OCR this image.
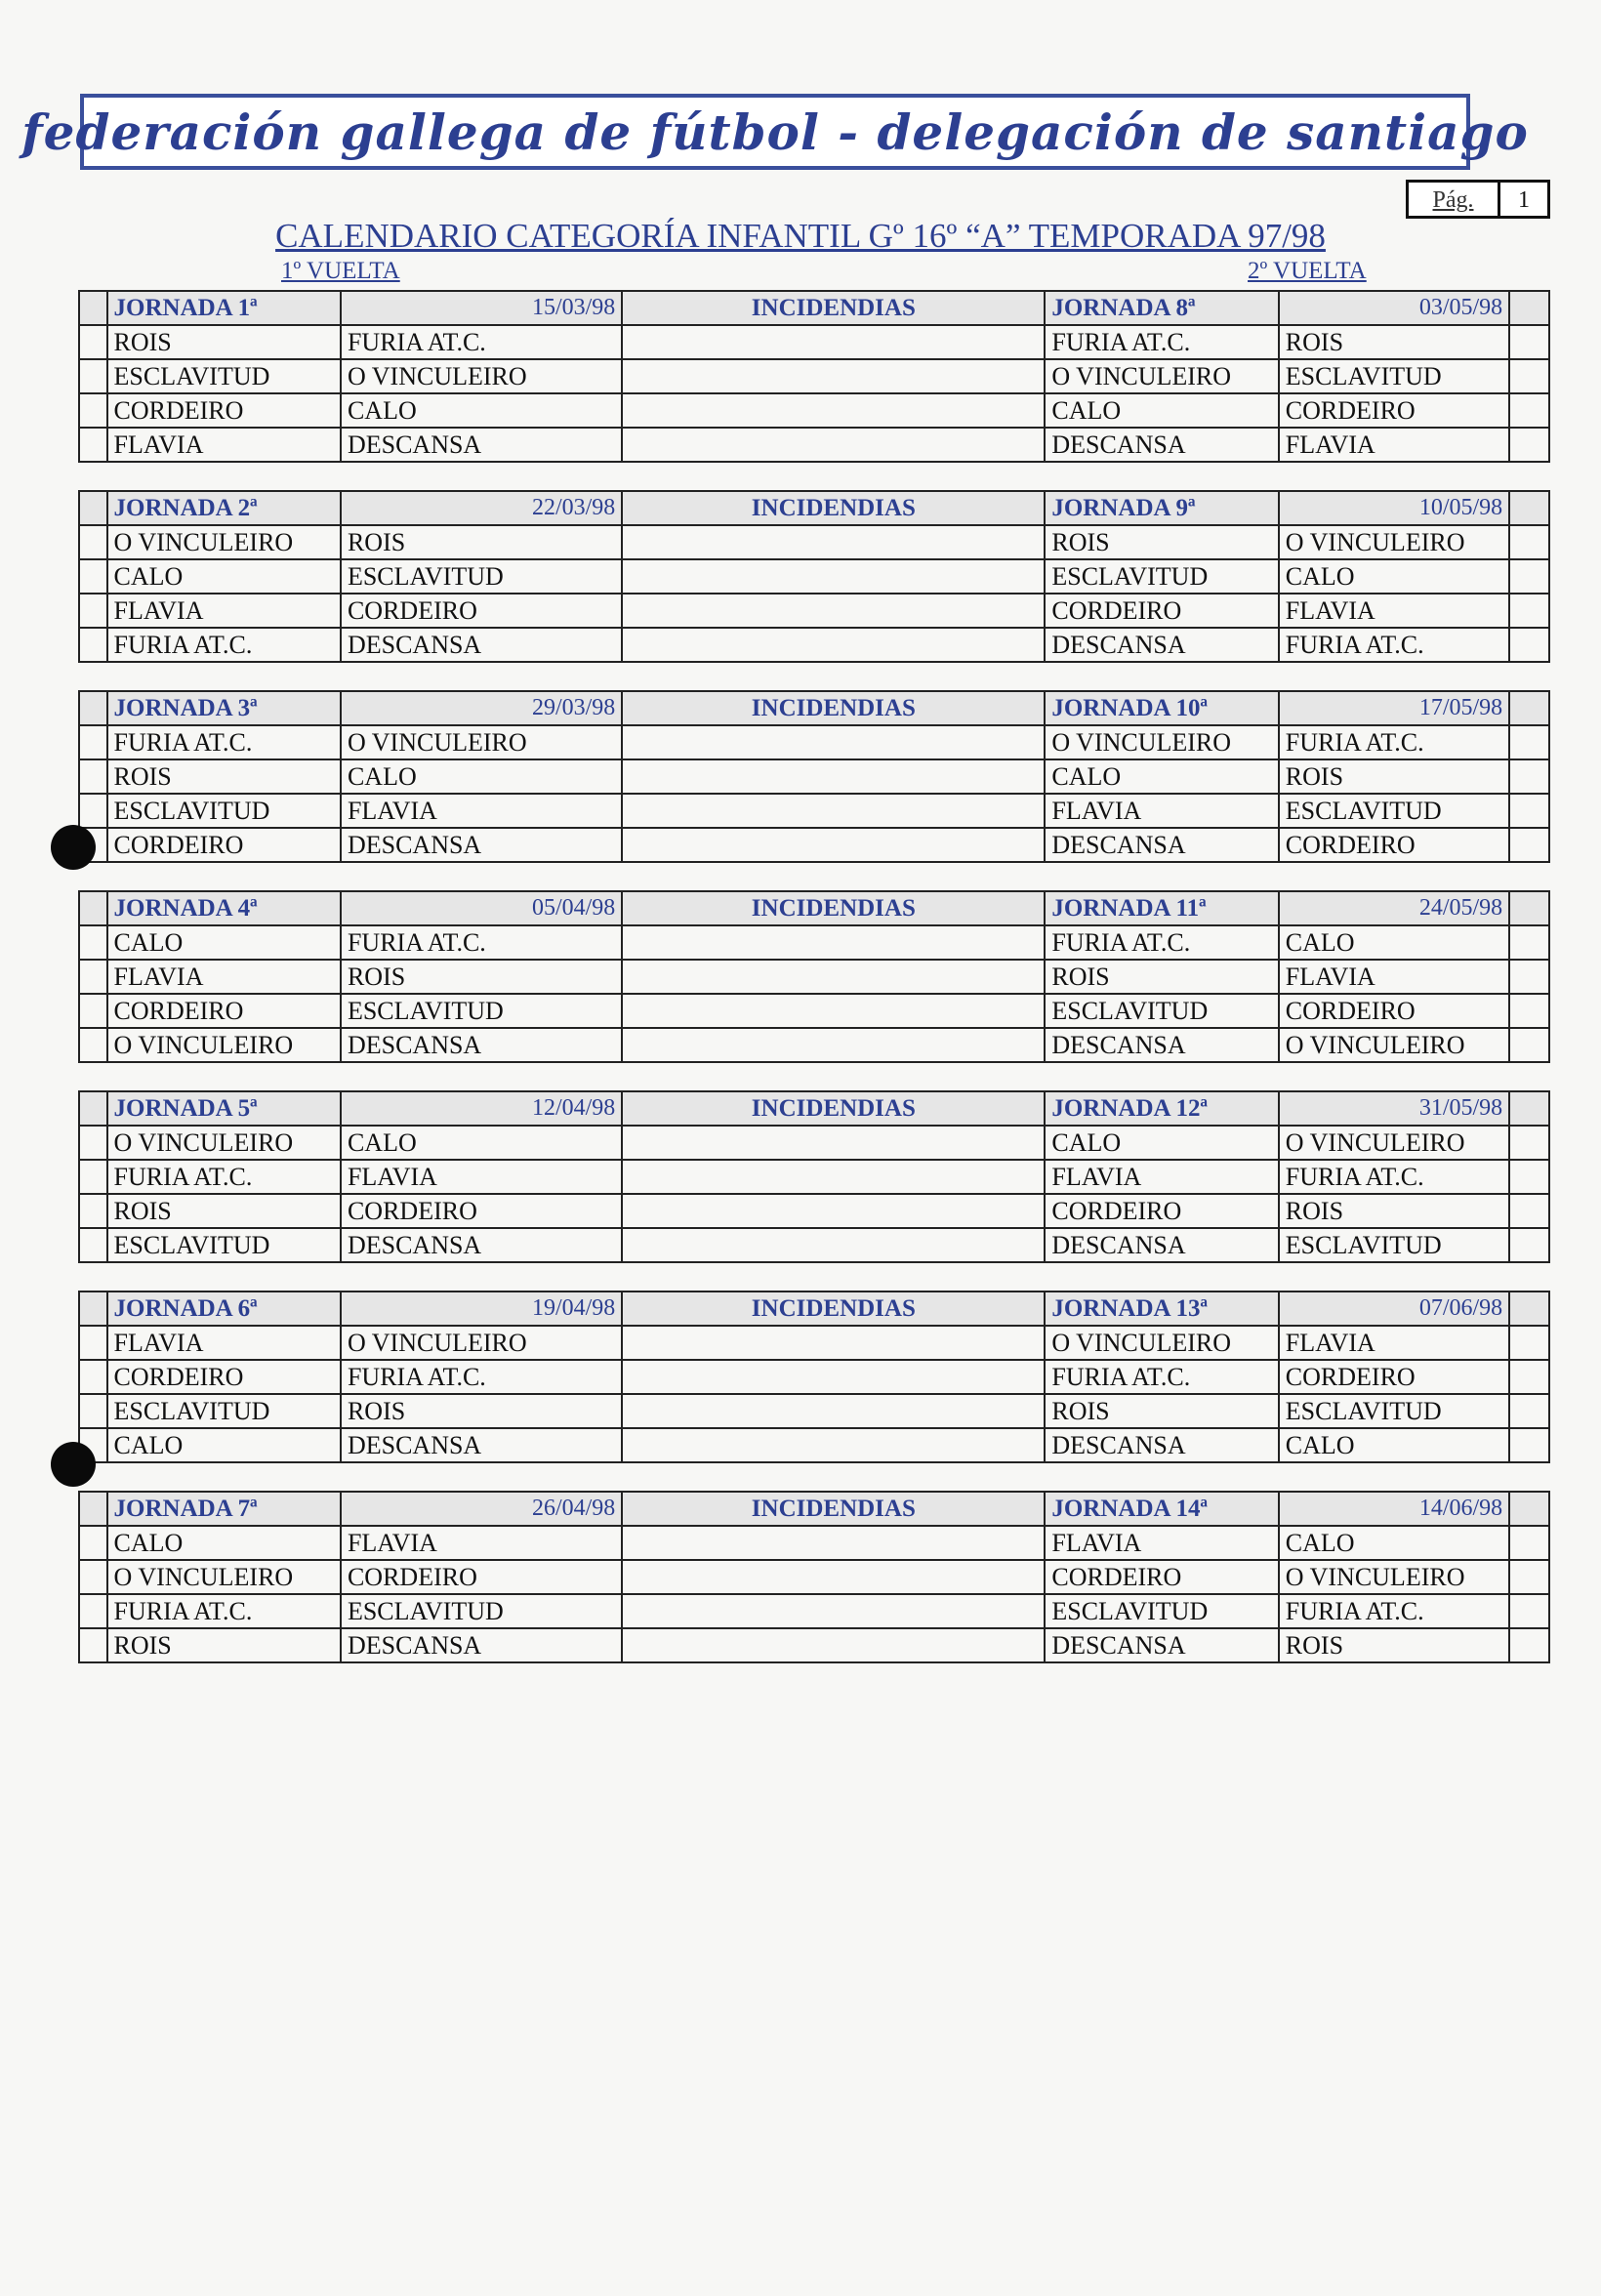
federación gallega de fútbol - delegación de santiago
Pág.	1
CALENDARIO CATEGORÍA INFANTIL Gº 16º “A” TEMPORADA 97/98
1º VUELTA	2º VUELTA
	JORNADA 1ª	15/03/98	INCIDENDIAS	JORNADA 8ª	03/05/98	
	ROIS	FURIA AT.C.		FURIA AT.C.	ROIS	
	ESCLAVITUD	O VINCULEIRO		O VINCULEIRO	ESCLAVITUD	
	CORDEIRO	CALO		CALO	CORDEIRO	
	FLAVIA	DESCANSA		DESCANSA	FLAVIA	
	JORNADA 2ª	22/03/98	INCIDENDIAS	JORNADA 9ª	10/05/98	
	O VINCULEIRO	ROIS		ROIS	O VINCULEIRO	
	CALO	ESCLAVITUD		ESCLAVITUD	CALO	
	FLAVIA	CORDEIRO		CORDEIRO	FLAVIA	
	FURIA AT.C.	DESCANSA		DESCANSA	FURIA AT.C.	
	JORNADA 3ª	29/03/98	INCIDENDIAS	JORNADA 10ª	17/05/98	
	FURIA AT.C.	O VINCULEIRO		O VINCULEIRO	FURIA AT.C.	
	ROIS	CALO		CALO	ROIS	
	ESCLAVITUD	FLAVIA		FLAVIA	ESCLAVITUD	
	CORDEIRO	DESCANSA		DESCANSA	CORDEIRO	
	JORNADA 4ª	05/04/98	INCIDENDIAS	JORNADA 11ª	24/05/98	
	CALO	FURIA AT.C.		FURIA AT.C.	CALO	
	FLAVIA	ROIS		ROIS	FLAVIA	
	CORDEIRO	ESCLAVITUD		ESCLAVITUD	CORDEIRO	
	O VINCULEIRO	DESCANSA		DESCANSA	O VINCULEIRO	
	JORNADA 5ª	12/04/98	INCIDENDIAS	JORNADA 12ª	31/05/98	
	O VINCULEIRO	CALO		CALO	O VINCULEIRO	
	FURIA AT.C.	FLAVIA		FLAVIA	FURIA AT.C.	
	ROIS	CORDEIRO		CORDEIRO	ROIS	
	ESCLAVITUD	DESCANSA		DESCANSA	ESCLAVITUD	
	JORNADA 6ª	19/04/98	INCIDENDIAS	JORNADA 13ª	07/06/98	
	FLAVIA	O VINCULEIRO		O VINCULEIRO	FLAVIA	
	CORDEIRO	FURIA AT.C.		FURIA AT.C.	CORDEIRO	
	ESCLAVITUD	ROIS		ROIS	ESCLAVITUD	
	CALO	DESCANSA		DESCANSA	CALO	
	JORNADA 7ª	26/04/98	INCIDENDIAS	JORNADA 14ª	14/06/98	
	CALO	FLAVIA		FLAVIA	CALO	
	O VINCULEIRO	CORDEIRO		CORDEIRO	O VINCULEIRO	
	FURIA AT.C.	ESCLAVITUD		ESCLAVITUD	FURIA AT.C.	
	ROIS	DESCANSA		DESCANSA	ROIS	
